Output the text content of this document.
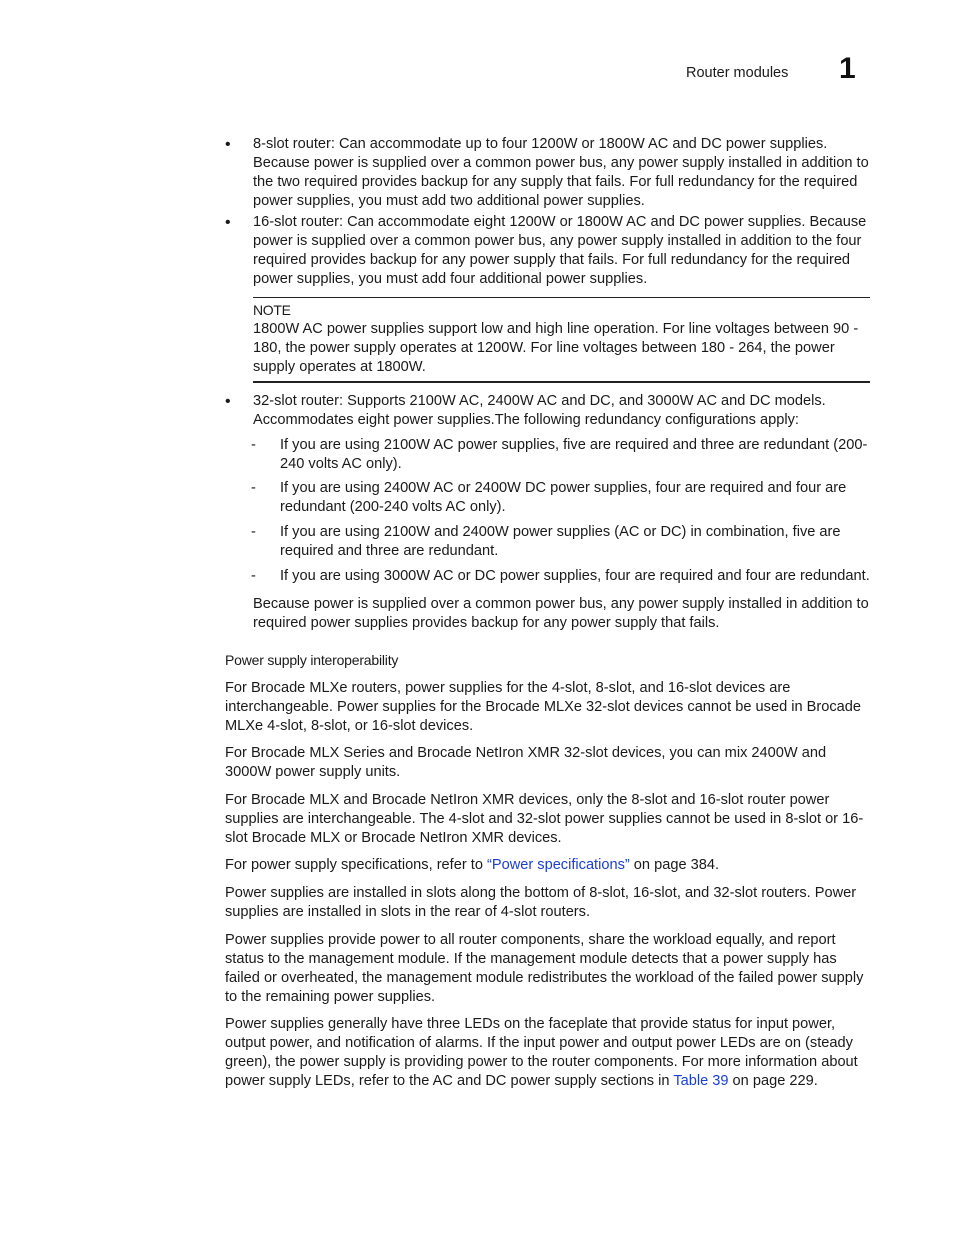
Router modules 1
• 8-slot router: Can accommodate up to four 1200W or 1800W AC and DC power supplies. Because power is supplied over a common power bus, any power supply installed in addition to the two required provides backup for any supply that fails. For full redundancy for the required power supplies, you must add two additional power supplies.

• 16-slot router: Can accommodate eight 1200W or 1800W AC and DC power supplies. Because power is supplied over a common power bus, any power supply installed in addition to the four required provides backup for any power supply that fails. For full redundancy for the required power supplies, you must add four additional power supplies.

NOTE

1800W AC power supplies support low and high line operation. For line voltages between 90 - 180, the power supply operates at 1200W. For line voltages between 180 - 264, the power supply operates at 1800W.

• 32-slot router: Supports 2100W AC, 2400W AC and DC, and 3000W AC and DC models. Accommodates eight power supplies.The following redundancy configurations apply:

- If you are using 2100W AC power supplies, five are required and three are redundant (200-240 volts AC only).

- If you are using 2400W AC or 2400W DC power supplies, four are required and four are redundant (200-240 volts AC only).

- If you are using 2100W and 2400W power supplies (AC or DC) in combination, five are required and three are redundant.

- If you are using 3000W AC or DC power supplies, four are required and four are redundant.

Because power is supplied over a common power bus, any power supply installed in addition to required power supplies provides backup for any power supply that fails.

Power supply interoperability

For Brocade MLXe routers, power supplies for the 4-slot, 8-slot, and 16-slot devices are interchangeable. Power supplies for the Brocade MLXe 32-slot devices cannot be used in Brocade MLXe 4-slot, 8-slot, or 16-slot devices.

For Brocade MLX Series and Brocade NetIron XMR 32-slot devices, you can mix 2400W and 3000W power supply units.

For Brocade MLX and Brocade NetIron XMR devices, only the 8-slot and 16-slot router power supplies are interchangeable. The 4-slot and 32-slot power supplies cannot be used in 8-slot or 16-slot Brocade MLX or Brocade NetIron XMR devices.

For power supply specifications, refer to “Power specifications” on page 384.

Power supplies are installed in slots along the bottom of 8-slot, 16-slot, and 32-slot routers. Power supplies are installed in slots in the rear of 4-slot routers.

Power supplies provide power to all router components, share the workload equally, and report status to the management module. If the management module detects that a power supply has failed or overheated, the management module redistributes the workload of the failed power supply to the remaining power supplies.

Power supplies generally have three LEDs on the faceplate that provide status for input power, output power, and notification of alarms. If the input power and output power LEDs are on (steady green), the power supply is providing power to the router components. For more information about power supply LEDs, refer to the AC and DC power supply sections in Table 39 on page 229.
